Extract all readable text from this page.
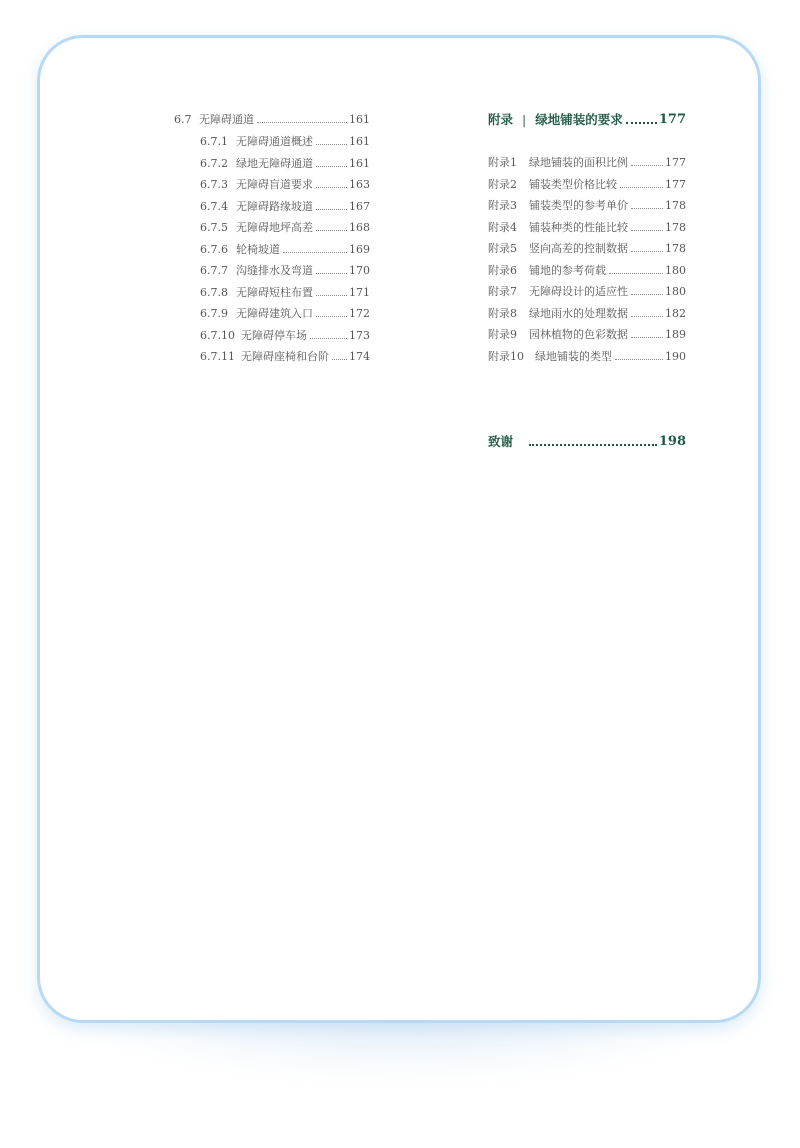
6.7 无障碍通道	161
6.7.1 无障碍通道概述	161
6.7.2 绿地无障碍通道	161
6.7.3 无障碍盲道要求	163
6.7.4 无障碍路缘坡道	167
6.7.5 无障碍地坪高差	168
6.7.6 轮椅坡道	169
6.7.7 沟缝排水及弯道	170
6.7.8 无障碍短柱布置	171
6.7.9 无障碍建筑入口	172
6.7.10 无障碍停车场	173
6.7.11 无障碍座椅和台阶 174
附录 | 绿地铺装的要求	177
附录1	绿地铺装的面积比例	177
附录2	铺装类型价格比较	177
附录3	铺装类型的参考单价	178
附录4	铺装种类的性能比较	178
附录5	竖向高差的控制数据	178
附录6	铺地的参考荷载	180
附录7	无障碍设计的适应性	180
附录8	绿地雨水的处理数据	182
附录9	园林植物的色彩数据	189
附录10	绿地铺装的类型	190
致谢	198
